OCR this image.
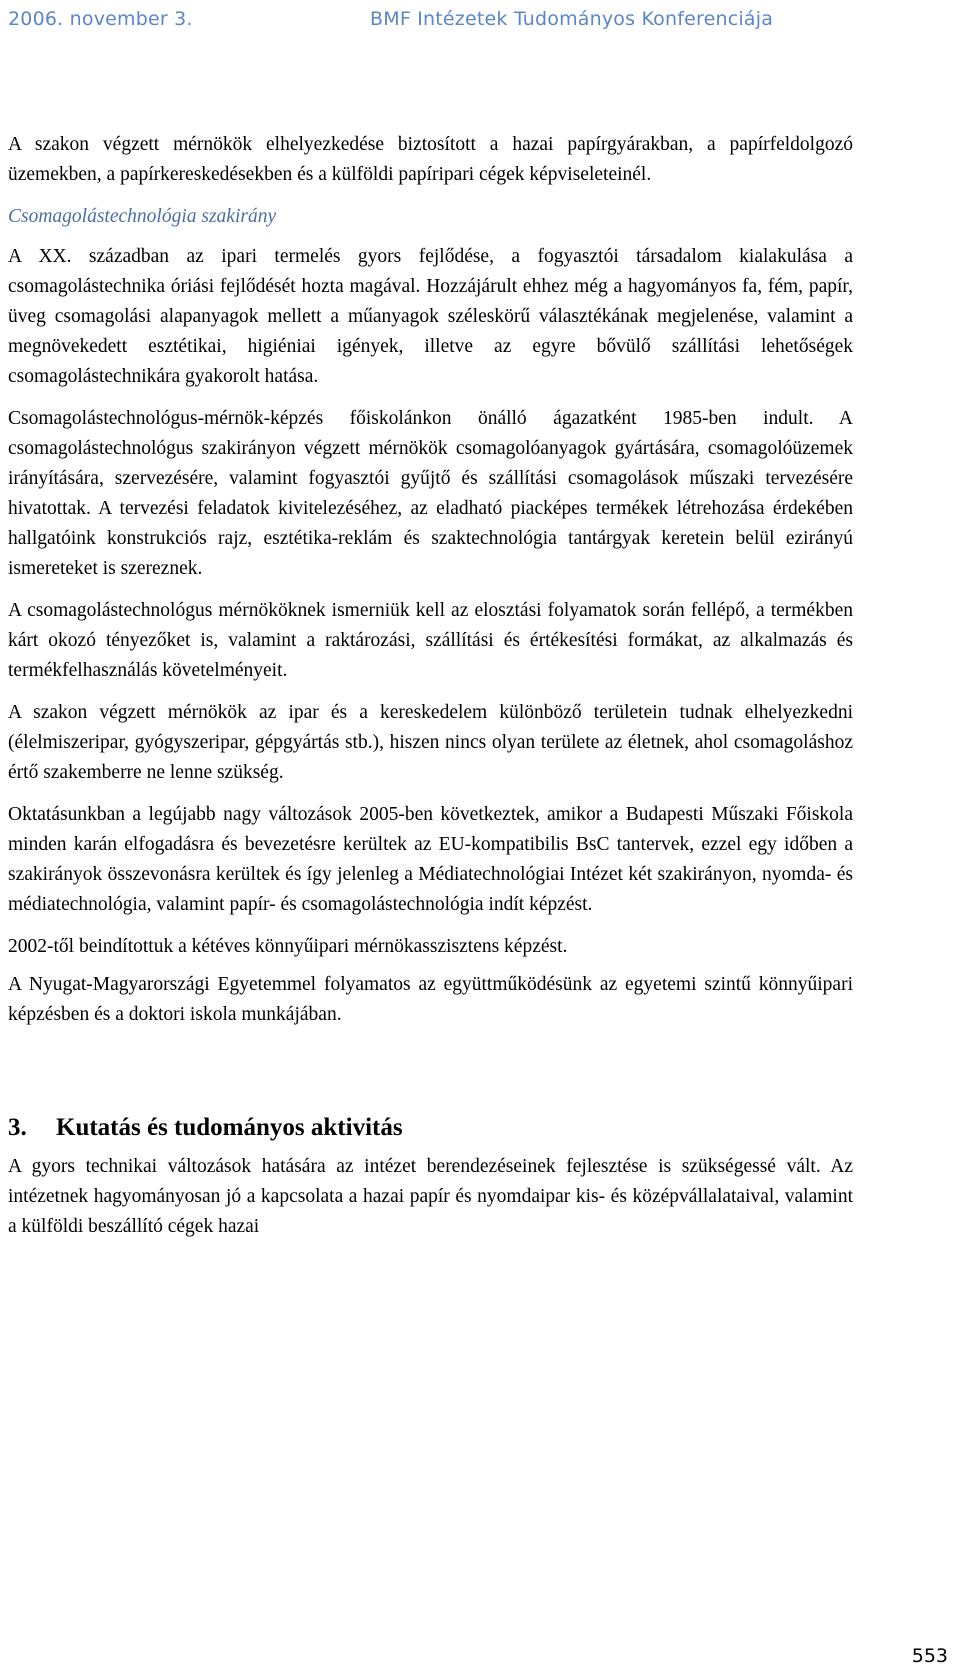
2006. november 3.	BMF Intézetek Tudományos Konferenciája

A szakon végzett mérnökök elhelyezkedése biztosított a hazai papírgyárakban, a papírfeldolgozó üzemekben, a papírkereskedésekben és a külföldi papíripari cégek képviseleteinél.

Csomagolástechnológia szakirány

A XX. században az ipari termelés gyors fejlődése, a fogyasztói társadalom kialakulása a csomagolástechnika óriási fejlődését hozta magával. Hozzájárult ehhez még a hagyományos fa, fém, papír, üveg csomagolási alapanyagok mellett a műanyagok széleskörű választékának megjelenése, valamint a megnövekedett esztétikai, higiéniai igények, illetve az egyre bővülő szállítási lehetőségek csomagolástechnikára gyakorolt hatása.

Csomagolástechnológus-mérnök-képzés főiskolánkon önálló ágazatként 1985-ben indult. A csomagolástechnológus szakirányon végzett mérnökök csomagolóanyagok gyártására, csomagolóüzemek irányítására, szervezésére, valamint fogyasztói gyűjtő és szállítási csomagolások műszaki tervezésére hivatottak. A tervezési feladatok kivitelezéséhez, az eladható piacképes termékek létrehozása érdekében hallgatóink konstrukciós rajz, esztétika-reklám és szaktechnológia tantárgyak keretein belül ezirányú ismereteket is szereznek.

A csomagolástechnológus mérnököknek ismerniük kell az elosztási folyamatok során fellépő, a termékben kárt okozó tényezőket is, valamint a raktározási, szállítási és értékesítési formákat, az alkalmazás és termékfelhasználás követelményeit.

A szakon végzett mérnökök az ipar és a kereskedelem különböző területein tudnak elhelyezkedni (élelmiszeripar, gyógyszeripar, gépgyártás stb.), hiszen nincs olyan területe az életnek, ahol csomagoláshoz értő szakemberre ne lenne szükség.

Oktatásunkban a legújabb nagy változások 2005-ben következtek, amikor a Budapesti Műszaki Főiskola minden karán elfogadásra és bevezetésre kerültek az EU-kompatibilis BsC tantervek, ezzel egy időben a szakirányok összevonásra kerültek és így jelenleg a Médiatechnológiai Intézet két szakirányon, nyomda- és médiatechnológia, valamint papír- és csomagolástechnológia indít képzést.

2002-től beindítottuk a kétéves könnyűipari mérnökasszisztens képzést.

A Nyugat-Magyarországi Egyetemmel folyamatos az együttműködésünk az egyetemi szintű könnyűipari képzésben és a doktori iskola munkájában.

3. Kutatás és tudományos aktivitás

A gyors technikai változások hatására az intézet berendezéseinek fejlesztése is szükségessé vált. Az intézetnek hagyományosan jó a kapcsolata a hazai papír és nyomdaipar kis- és középvállalataival, valamint a külföldi beszállító cégek hazai

553
